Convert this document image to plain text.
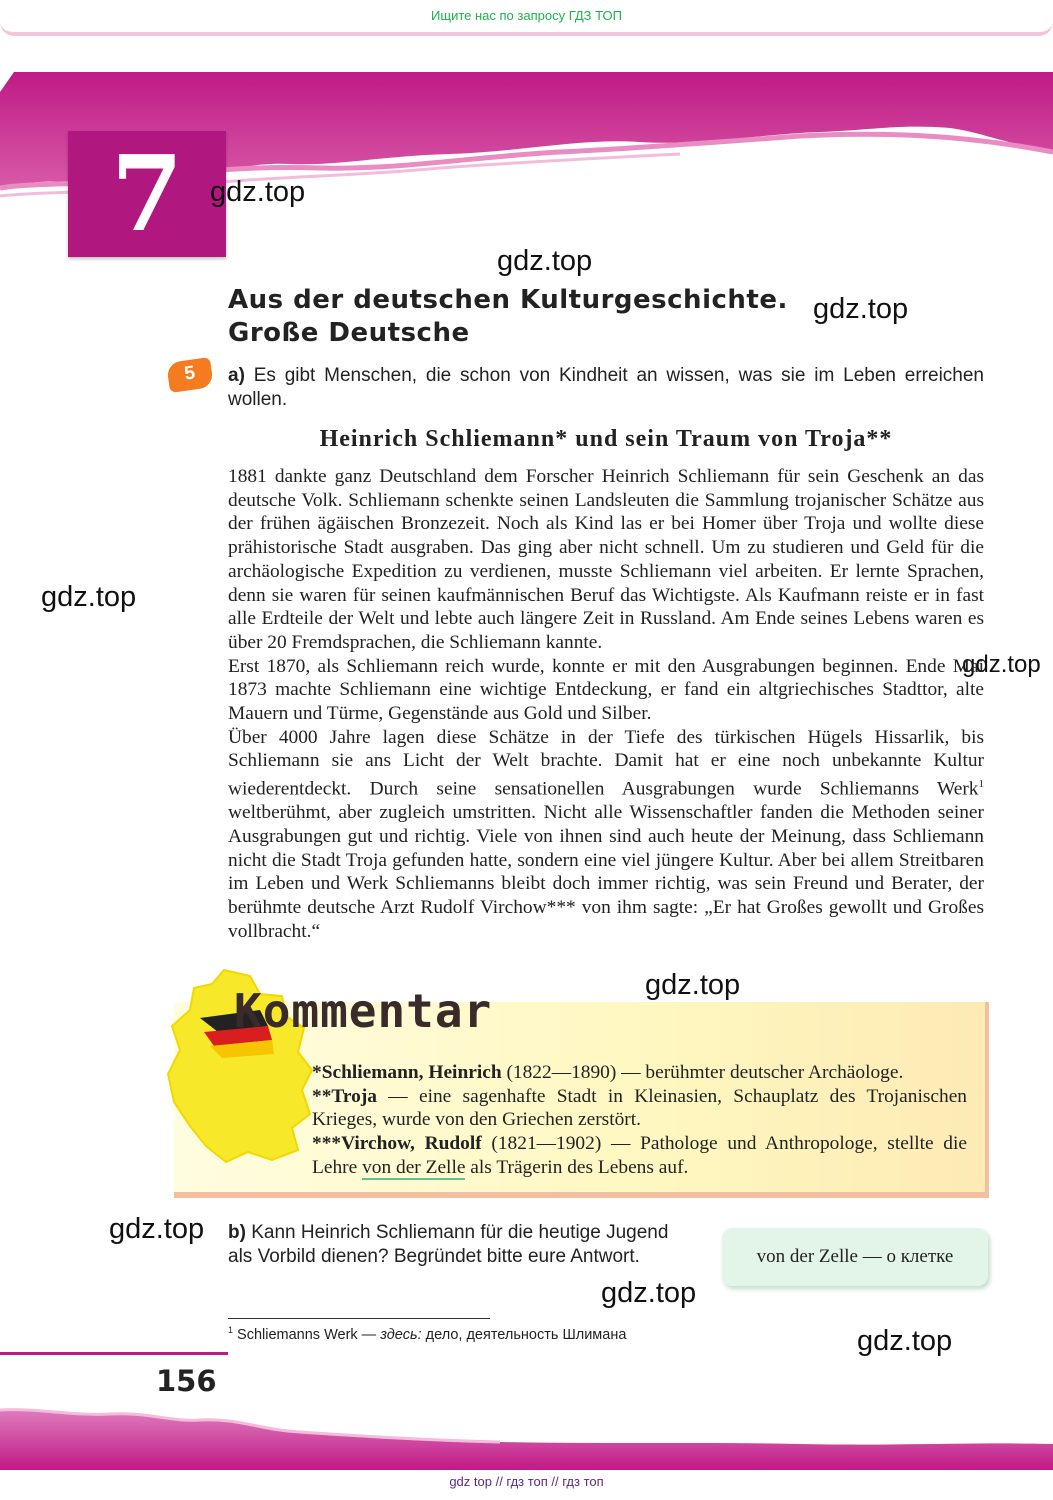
Ищите нас по запросу ГДЗ ТОП
7 gdz.top
gdz.top
gdz.top
gdz.top
gdz.top
gdz.top
gdz.top
gdz.top
gdz.top
Aus der deutschen Kulturgeschichte.
Große Deutsche
5	a) Es gibt Menschen, die schon von Kindheit an wissen, was sie im Leben erreichen wollen.
Heinrich Schliemann* und sein Traum von Troja**

1881 dankte ganz Deutschland dem Forscher Heinrich Schliemann für sein Geschenk an das deutsche Volk. Schliemann schenkte seinen Landsleuten die Sammlung trojanischer Schätze aus der frühen ägäischen Bronzezeit. Noch als Kind las er bei Homer über Troja und wollte diese prähistorische Stadt ausgraben. Das ging aber nicht schnell. Um zu studieren und Geld für die archäologische Expedition zu verdienen, musste Schliemann viel arbeiten. Er lernte Sprachen, denn sie waren für seinen kaufmännischen Beruf das Wichtigste. Als Kaufmann reiste er in fast alle Erdteile der Welt und lebte auch längere Zeit in Russland. Am Ende seines Lebens waren es über 20 Fremdsprachen, die Schliemann kannte.

Erst 1870, als Schliemann reich wurde, konnte er mit den Ausgrabungen beginnen. Ende Mai 1873 machte Schliemann eine wichtige Entdeckung, er fand ein altgriechisches Stadttor, alte Mauern und Türme, Gegenstände aus Gold und Silber.

Über 4000 Jahre lagen diese Schätze in der Tiefe des türkischen Hügels Hissarlik, bis Schliemann sie ans Licht der Welt brachte. Damit hat er eine noch unbekannte Kultur wiederentdeckt. Durch seine sensationellen Ausgrabungen wurde Schliemanns Werk$^1$ weltberühmt, aber zugleich umstritten. Nicht alle Wissenschaftler fanden die Methoden seiner Ausgrabungen gut und richtig. Viele von ihnen sind auch heute der Meinung, dass Schliemann nicht die Stadt Troja gefunden hatte, sondern eine viel jüngere Kultur. Aber bei allem Streitbaren im Leben und Werk Schliemanns bleibt doch immer richtig, was sein Freund und Berater, der berühmte deutsche Arzt Rudolf Virchow*** von ihm sagte: „Er hat Großes gewollt und Großes vollbracht.“

Kommentar
*Schliemann, Heinrich (1822—1890) — berühmter deutscher Archäologe.
**Troja — eine sagenhafte Stadt in Kleinasien, Schauplatz des Trojanischen Krieges, wurde von den Griechen zerstört.
***Virchow, Rudolf (1821—1902) — Pathologe und Anthropologe, stellte die Lehre von der Zelle als Trägerin des Lebens auf.
b) Kann Heinrich Schliemann für die heutige Jugend als Vorbild dienen? Begründet bitte eure Antwort.	von der Zelle — о клетке
$^1$ Schliemanns Werk — здесь: дело, деятельность Шлимана
156
gdz top // гдз топ // гдз топ
